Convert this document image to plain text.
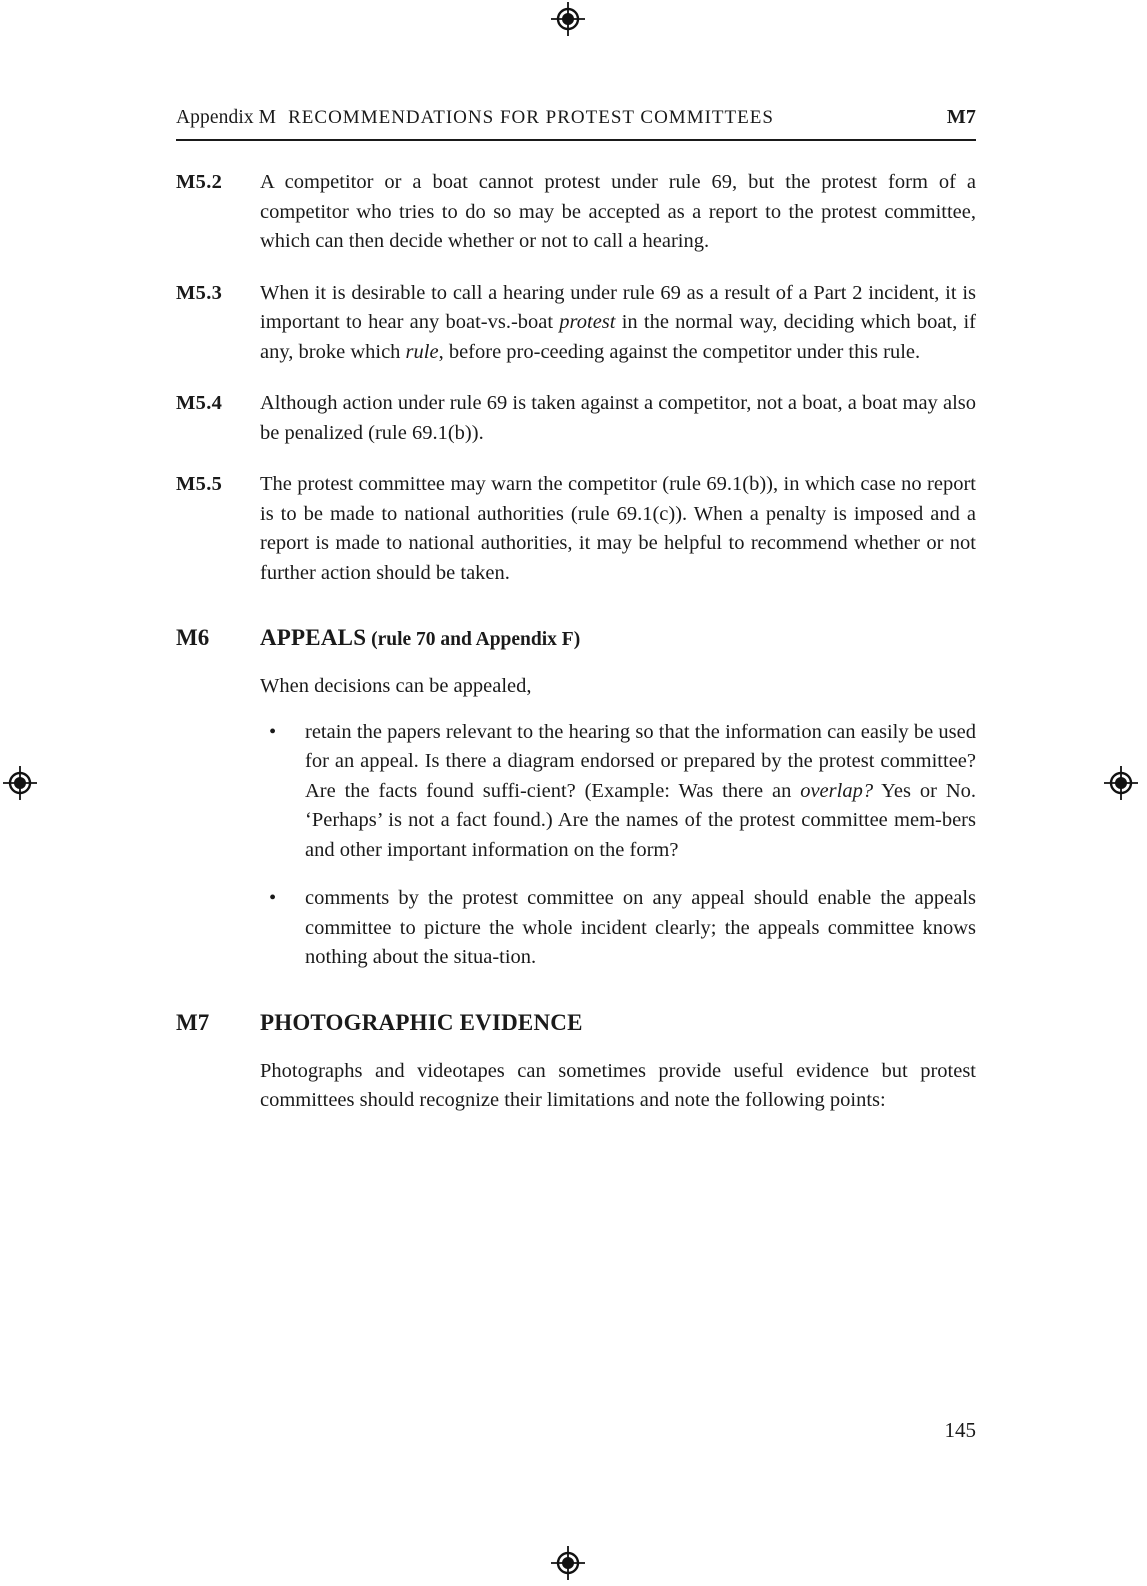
Appendix M RECOMMENDATIONS FOR PROTEST COMMITTEES	M7
M5.2	A competitor or a boat cannot protest under rule 69, but the protest form of a competitor who tries to do so may be accepted as a report to the protest committee, which can then decide whether or not to call a hearing.
M5.3	When it is desirable to call a hearing under rule 69 as a result of a Part 2 incident, it is important to hear any boat-vs.-boat protest in the normal way, deciding which boat, if any, broke which rule, before pro-ceeding against the competitor under this rule.
M5.4	Although action under rule 69 is taken against a competitor, not a boat, a boat may also be penalized (rule 69.1(b)).
M5.5	The protest committee may warn the competitor (rule 69.1(b)), in which case no report is to be made to national authorities (rule 69.1(c)). When a penalty is imposed and a report is made to national authorities, it may be helpful to recommend whether or not further action should be taken.
M6	APPEALS (rule 70 and Appendix F)
When decisions can be appealed,
•	retain the papers relevant to the hearing so that the information can easily be used for an appeal. Is there a diagram endorsed or prepared by the protest committee? Are the facts found suffi-cient? (Example: Was there an overlap? Yes or No. ‘Perhaps’ is not a fact found.) Are the names of the protest committee mem-bers and other important information on the form?
•	comments by the protest committee on any appeal should enable the appeals committee to picture the whole incident clearly; the appeals committee knows nothing about the situa-tion.
M7	PHOTOGRAPHIC EVIDENCE
Photographs and videotapes can sometimes provide useful evidence but protest committees should recognize their limitations and note the following points:
145
